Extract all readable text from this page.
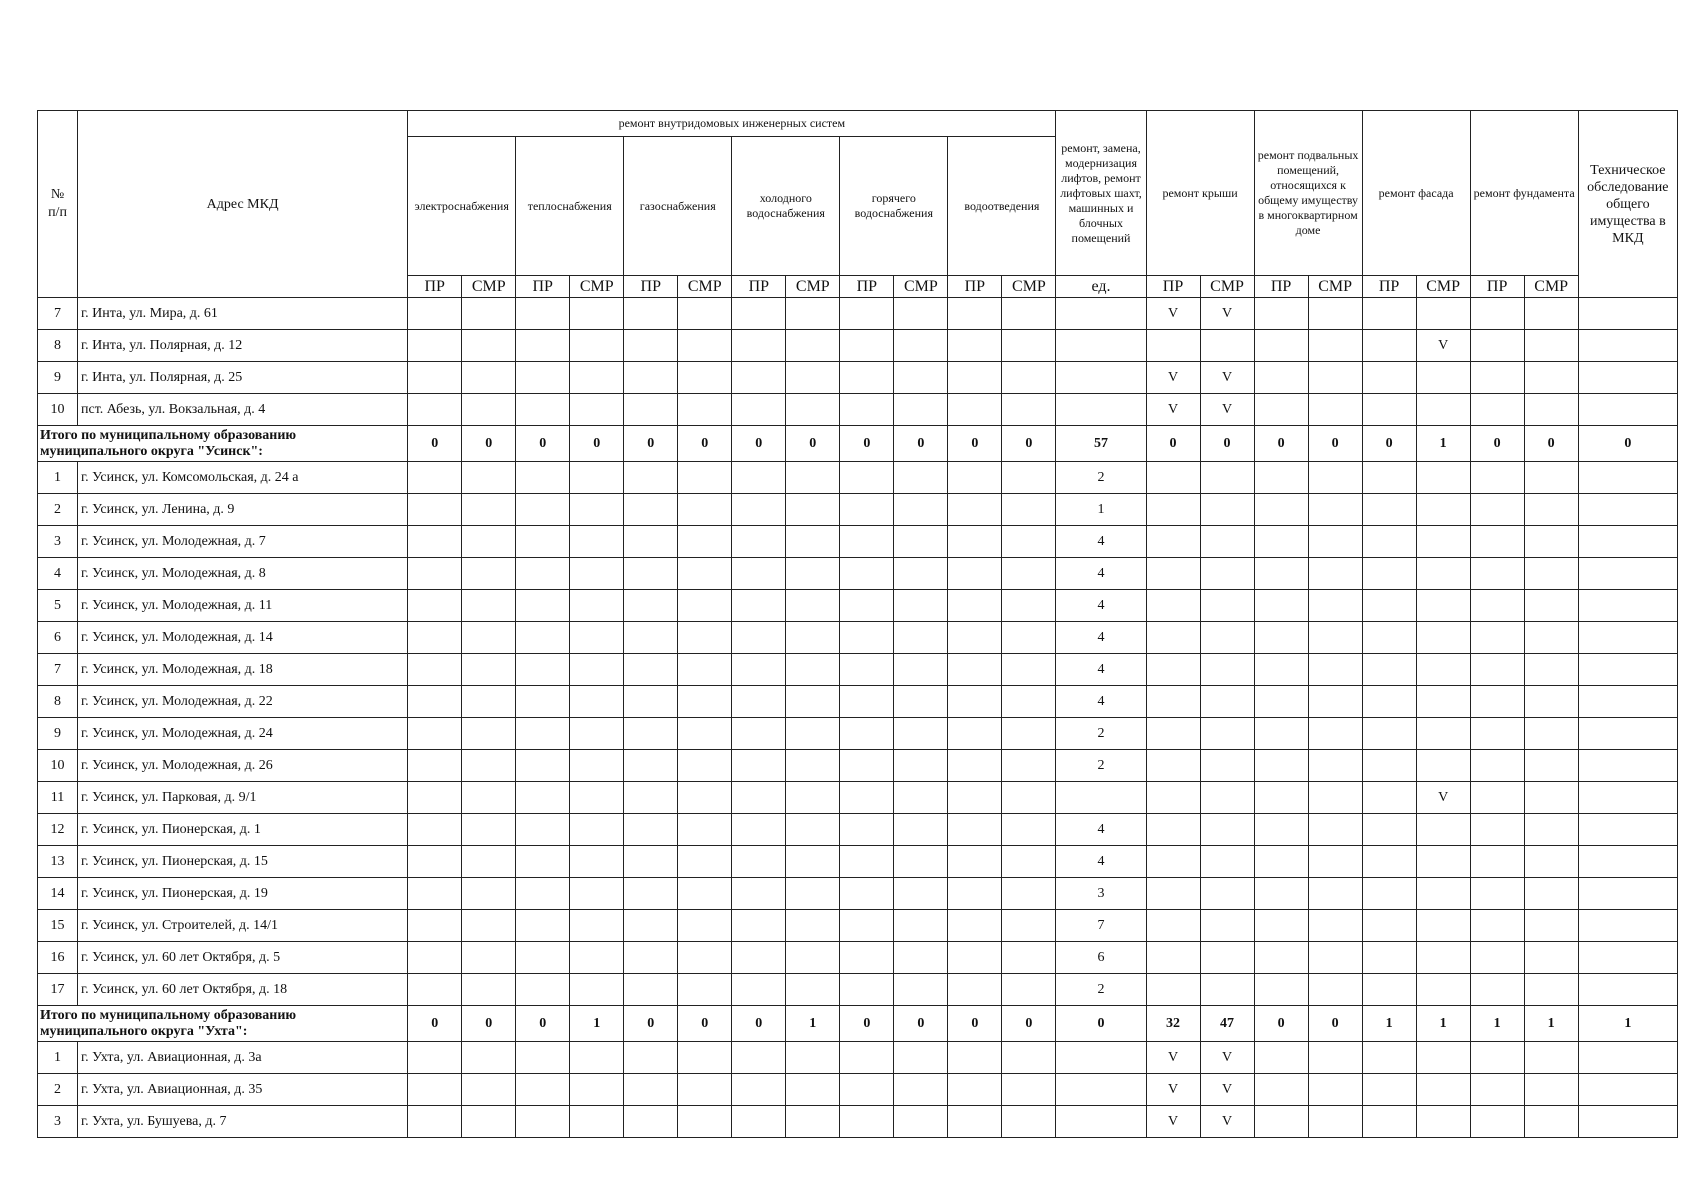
№
п/п	Адрес МКД	ремонт внутридомовых инженерных систем												ремонт, замена, модернизация лифтов, ремонт лифтовых шахт, машинных и блочных помещений	ремонт крыши		ремонт подвальных помещений, относящихся к общему имуществу в многоквартирном доме		ремонт фасада		ремонт фундамента		Техническое обследование общего имущества в МКД
		электроснабжения		теплоснабжения		газоснабжения		холодного водоснабжения		горячего водоснабжения		водоотведения											
		ПР	СМР	ПР	СМР	ПР	СМР	ПР	СМР	ПР	СМР	ПР	СМР	ед.	ПР	СМР	ПР	СМР	ПР	СМР	ПР	СМР	
7	г. Инта, ул. Мира, д. 61														V	V							
8	г. Инта, ул. Полярная, д. 12																			V			
9	г. Инта, ул. Полярная, д. 25														V	V							
10	пст. Абезь, ул. Вокзальная, д. 4														V	V							
Итого по муниципальному образованию муниципального округа "Усинск":		0	0	0	0	0	0	0	0	0	0	0	0	57	0	0	0	0	0	1	0	0	0
1	г. Усинск, ул. Комсомольская, д. 24 а													2									
2	г. Усинск, ул. Ленина, д. 9													1									
3	г. Усинск, ул. Молодежная, д. 7													4									
4	г. Усинск, ул. Молодежная, д. 8													4									
5	г. Усинск, ул. Молодежная, д. 11													4									
6	г. Усинск, ул. Молодежная, д. 14													4									
7	г. Усинск, ул. Молодежная, д. 18													4									
8	г. Усинск, ул. Молодежная, д. 22													4									
9	г. Усинск, ул. Молодежная, д. 24													2									
10	г. Усинск, ул. Молодежная, д. 26													2									
11	г. Усинск, ул. Парковая, д. 9/1																			V			
12	г. Усинск, ул. Пионерская, д. 1													4									
13	г. Усинск, ул. Пионерская, д. 15													4									
14	г. Усинск, ул. Пионерская, д. 19													3									
15	г. Усинск, ул. Строителей, д. 14/1													7									
16	г. Усинск, ул. 60 лет Октября, д. 5													6									
17	г. Усинск, ул. 60 лет Октября, д. 18													2									
Итого по муниципальному образованию муниципального округа "Ухта":		0	0	0	1	0	0	0	1	0	0	0	0	0	32	47	0	0	1	1	1	1	1
1	г. Ухта, ул. Авиационная, д. 3а														V	V							
2	г. Ухта, ул. Авиационная, д. 35														V	V							
3	г. Ухта, ул. Бушуева, д. 7														V	V							
